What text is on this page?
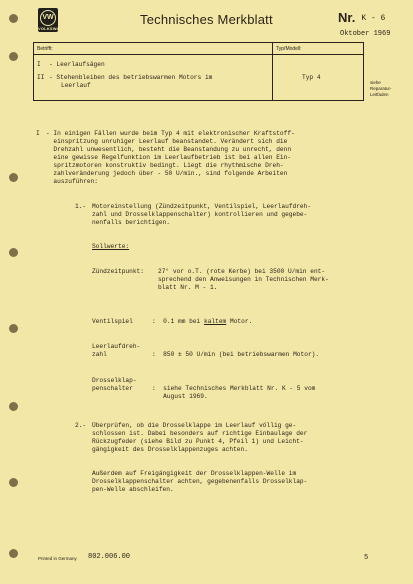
VW
VOLKSWAGEN
Technisches Merkblatt	Nr. K - 6
Oktober 1969
Betrifft:	Typ/Modell:
I - Leerlaufsägen
II - Stehenbleiben des betriebswarmen Motors im
Leerlauf
Typ 4
siehe
Reparatur-
Leitfaden
I - In einigen Fällen wurde beim Typ 4 mit elektronischer Kraftstoff-
einspritzung unruhiger Leerlauf beanstandet. Verändert sich die
Drehzahl unwesentlich, besteht die Beanstandung zu unrecht, denn
eine gewisse Regelfunktion im Leerlaufbetrieb ist bei allen Ein-
spritzmotoren konstruktiv bedingt. Liegt die rhythmische Dreh-
zahlveränderung jedoch über - 50 U/min., sind folgende Arbeiten
auszuführen:
1.- Motoreinstellung (Zündzeitpunkt, Ventilspiel, Leerlaufdreh-
zahl und Drosselklappenschalter) kontrollieren und gegebe-
nenfalls berichtigen.
Sollwerte:
Zündzeitpunkt: 27° vor o.T. (rote Kerbe) bei 3500 U/min ent-
sprechend den Anweisungen in Technischen Merk-
blatt Nr. M - 1.
Ventilspiel	:  0.1 mm bei kaltem Motor.
Leerlaufdreh-
zahl	:  850 ± 50 U/min (bei betriebswarmen Motor).
Drosselklap-
penschalter	:  siehe Technisches Merkblatt Nr. K - 5 vom
August 1969.
2.- Überprüfen, ob die Drosselklappe im Leerlauf völlig ge-
schlossen ist. Dabei besonders auf richtige Einbaulage der
Rückzugfeder (siehe Bild zu Punkt 4, Pfeil 1) und Leicht-
gängigkeit des Drosselklappenzuges achten.
Außerdem auf Freigängigkeit der Drosselklappen-Welle im
Drosselklappenschalter achten, gegebenenfalls Drosselklap-
pen-Welle abschleifen.
Printed in Germany 802.006.00	5
